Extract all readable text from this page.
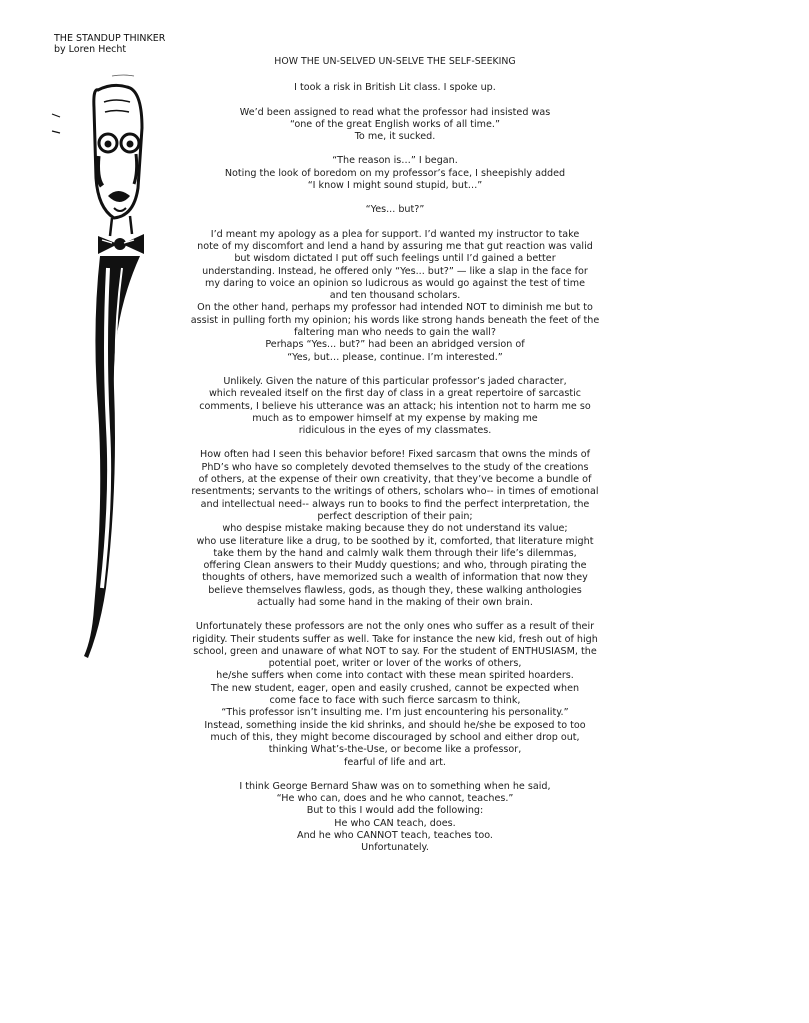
THE STANDUP THINKER
by Loren Hecht

HOW THE UN-SELVED UN-SELVE THE SELF-SEEKING

I took a risk in British Lit class. I spoke up.

We’d been assigned to read what the professor had insisted was
“one of the great English works of all time.”
To me, it sucked.

“The reason is…” I began.
Noting the look of boredom on my professor’s face, I sheepishly added
“I know I might sound stupid, but…”

“Yes... but?”

I’d meant my apology as a plea for support. I’d wanted my instructor to take
note of my discomfort and lend a hand by assuring me that gut reaction was valid
but wisdom dictated I put off such feelings until I’d gained a better
understanding. Instead, he offered only “Yes... but?” — like a slap in the face for
my daring to voice an opinion so ludicrous as would go against the test of time
and ten thousand scholars.
On the other hand, perhaps my professor had intended NOT to diminish me but to
assist in pulling forth my opinion; his words like strong hands beneath the feet of the
faltering man who needs to gain the wall?
Perhaps “Yes... but?” had been an abridged version of
“Yes, but… please, continue. I’m interested.”

Unlikely. Given the nature of this particular professor’s jaded character,
which revealed itself on the first day of class in a great repertoire of sarcastic
comments, I believe his utterance was an attack; his intention not to harm me so
much as to empower himself at my expense by making me
ridiculous in the eyes of my classmates.

How often had I seen this behavior before! Fixed sarcasm that owns the minds of
PhD’s who have so completely devoted themselves to the study of the creations
of others, at the expense of their own creativity, that they’ve become a bundle of
resentments; servants to the writings of others, scholars who-- in times of emotional
and intellectual need-- always run to books to find the perfect interpretation, the
perfect description of their pain;
who despise mistake making because they do not understand its value;
who use literature like a drug, to be soothed by it, comforted, that literature might
take them by the hand and calmly walk them through their life’s dilemmas,
offering Clean answers to their Muddy questions; and who, through pirating the
thoughts of others, have memorized such a wealth of information that now they
believe themselves flawless, gods, as though they, these walking anthologies
actually had some hand in the making of their own brain.

Unfortunately these professors are not the only ones who suffer as a result of their
rigidity. Their students suffer as well. Take for instance the new kid, fresh out of high
school, green and unaware of what NOT to say. For the student of ENTHUSIASM, the
potential poet, writer or lover of the works of others,
he/she suffers when come into contact with these mean spirited hoarders.
The new student, eager, open and easily crushed, cannot be expected when
come face to face with such fierce sarcasm to think,
“This professor isn’t insulting me. I’m just encountering his personality.”
Instead, something inside the kid shrinks, and should he/she be exposed to too
much of this, they might become discouraged by school and either drop out,
thinking What’s-the-Use, or become like a professor,
fearful of life and art.

I think George Bernard Shaw was on to something when he said,
“He who can, does and he who cannot, teaches.”
But to this I would add the following:
He who CAN teach, does.
And he who CANNOT teach, teaches too.
Unfortunately.
